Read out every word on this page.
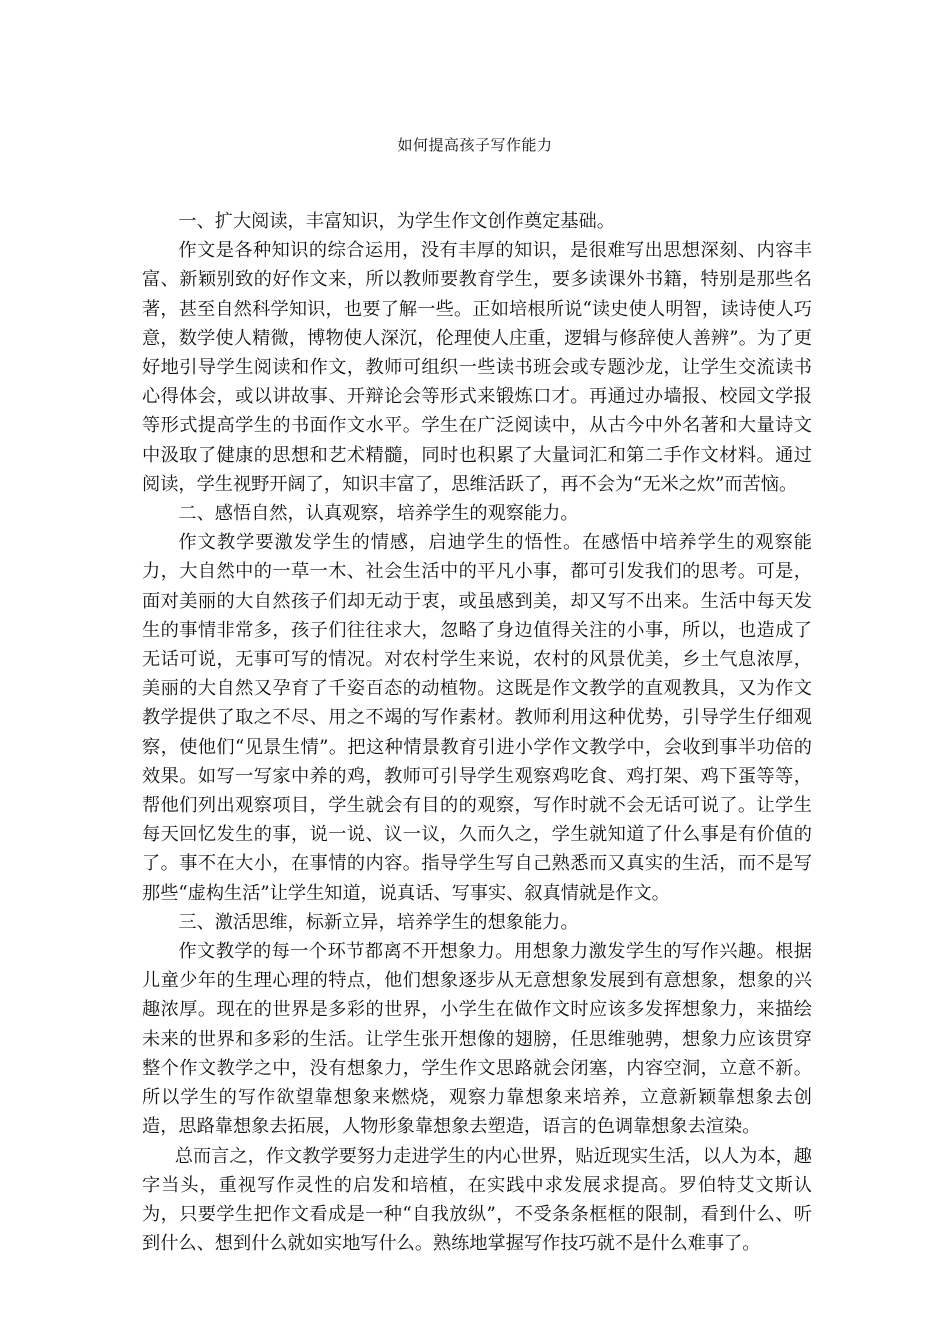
如何提高孩子写作能力

一、扩大阅读，丰富知识，为学生作文创作奠定基础。

作文是各种知识的综合运用，没有丰厚的知识，是很难写出思想深刻、内容丰富、新颖别致的好作文来，所以教师要教育学生，要多读课外书籍，特别是那些名著，甚至自然科学知识，也要了解一些。正如培根所说“读史使人明智，读诗使人巧意，数学使人精微，博物使人深沉，伦理使人庄重，逻辑与修辞使人善辨”。为了更好地引导学生阅读和作文，教师可组织一些读书班会或专题沙龙，让学生交流读书心得体会，或以讲故事、开辩论会等形式来锻炼口才。再通过办墙报、校园文学报等形式提高学生的书面作文水平。学生在广泛阅读中，从古今中外名著和大量诗文中汲取了健康的思想和艺术精髓，同时也积累了大量词汇和第二手作文材料。通过阅读，学生视野开阔了，知识丰富了，思维活跃了，再不会为“无米之炊”而苦恼。

二、感悟自然，认真观察，培养学生的观察能力。

作文教学要激发学生的情感，启迪学生的悟性。在感悟中培养学生的观察能力，大自然中的一草一木、社会生活中的平凡小事，都可引发我们的思考。可是，面对美丽的大自然孩子们却无动于衷，或虽感到美，却又写不出来。生活中每天发生的事情非常多，孩子们往往求大，忽略了身边值得关注的小事，所以，也造成了无话可说，无事可写的情况。对农村学生来说，农村的风景优美，乡土气息浓厚，美丽的大自然又孕育了千姿百态的动植物。这既是作文教学的直观教具，又为作文教学提供了取之不尽、用之不竭的写作素材。教师利用这种优势，引导学生仔细观察，使他们“见景生情”。把这种情景教育引进小学作文教学中，会收到事半功倍的效果。如写一写家中养的鸡，教师可引导学生观察鸡吃食、鸡打架、鸡下蛋等等，帮他们列出观察项目，学生就会有目的的观察，写作时就不会无话可说了。让学生每天回忆发生的事，说一说、议一议，久而久之，学生就知道了什么事是有价值的了。事不在大小，在事情的内容。指导学生写自己熟悉而又真实的生活，而不是写那些“虚构生活”让学生知道，说真话、写事实、叙真情就是作文。

三、激活思维，标新立异，培养学生的想象能力。

作文教学的每一个环节都离不开想象力。用想象力激发学生的写作兴趣。根据儿童少年的生理心理的特点，他们想象逐步从无意想象发展到有意想象，想象的兴趣浓厚。现在的世界是多彩的世界，小学生在做作文时应该多发挥想象力，来描绘未来的世界和多彩的生活。让学生张开想像的翅膀，任思维驰骋，想象力应该贯穿整个作文教学之中，没有想象力，学生作文思路就会闭塞，内容空洞，立意不新。所以学生的写作欲望靠想象来燃烧，观察力靠想象来培养，立意新颖靠想象去创造，思路靠想象去拓展，人物形象靠想象去塑造，语言的色调靠想象去渲染。

总而言之，作文教学要努力走进学生的内心世界，贴近现实生活，以人为本，趣字当头，重视写作灵性的启发和培植，在实践中求发展求提高。罗伯特艾文斯认为，只要学生把作文看成是一种“自我放纵”，不受条条框框的限制，看到什么、听到什么、想到什么就如实地写什么。熟练地掌握写作技巧就不是什么难事了。
